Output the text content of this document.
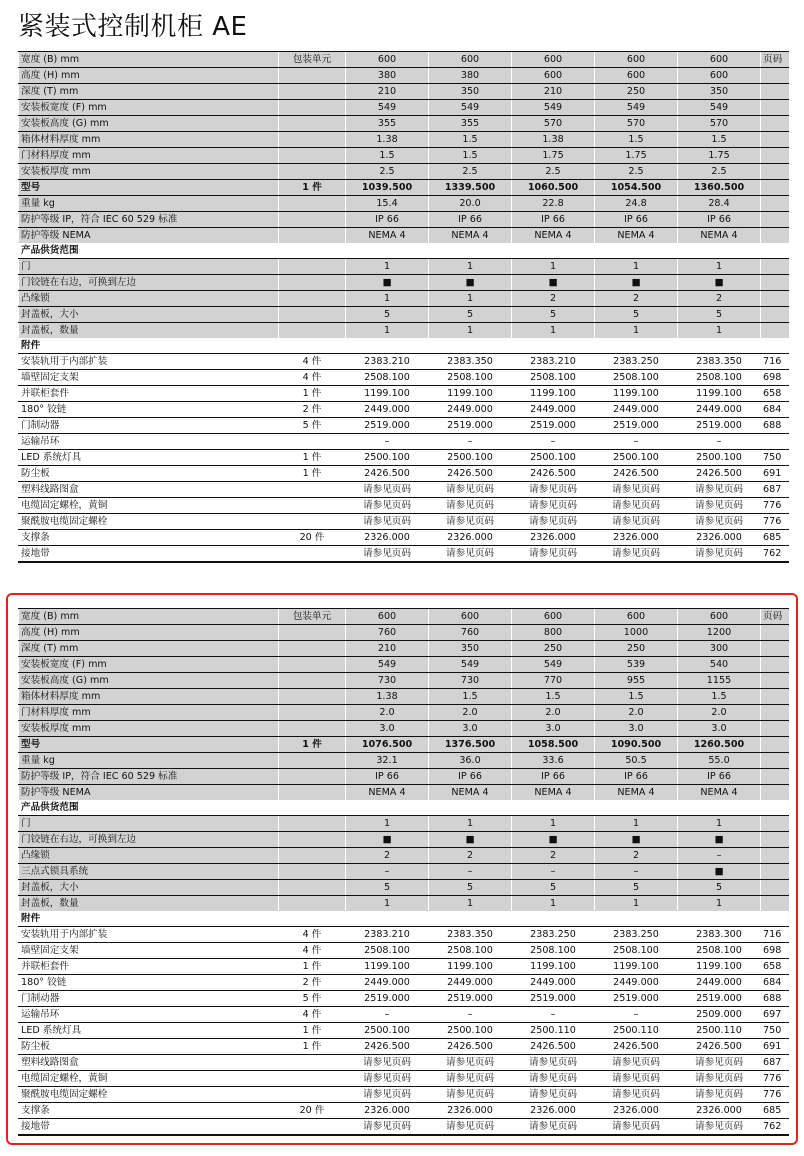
紧装式控制机柜 AE
宽度 (B) mm	包装单元	600	600	600	600	600	页码
高度 (H) mm		380	380	600	600	600	
深度 (T) mm		210	350	210	250	350	
安装板宽度 (F) mm		549	549	549	549	549	
安装板高度 (G) mm		355	355	570	570	570	
箱体材料厚度 mm		1.38	1.5	1.38	1.5	1.5	
门材料厚度 mm		1.5	1.5	1.75	1.75	1.75	
安装板厚度 mm		2.5	2.5	2.5	2.5	2.5	
型号	1 件	1039.500	1339.500	1060.500	1054.500	1360.500	
重量 kg		15.4	20.0	22.8	24.8	28.4	
防护等级 IP，符合 IEC 60 529 标准		IP 66	IP 66	IP 66	IP 66	IP 66	
防护等级 NEMA		NEMA 4	NEMA 4	NEMA 4	NEMA 4	NEMA 4	
产品供货范围							
门		1	1	1	1	1	
门铰链在右边，可换到左边		■	■	■	■	■	
凸缘锁		1	1	2	2	2	
封盖板，大小		5	5	5	5	5	
封盖板，数量		1	1	1	1	1	
附件							
安装轨用于内部扩装	4 件	2383.210	2383.350	2383.210	2383.250	2383.350	716
墙壁固定支架	4 件	2508.100	2508.100	2508.100	2508.100	2508.100	698
并联柜套件	1 件	1199.100	1199.100	1199.100	1199.100	1199.100	658
180° 铰链	2 件	2449.000	2449.000	2449.000	2449.000	2449.000	684
门制动器	5 件	2519.000	2519.000	2519.000	2519.000	2519.000	688
运输吊环		–	–	–	–	–	
LED 系统灯具	1 件	2500.100	2500.100	2500.100	2500.100	2500.100	750
防尘板	1 件	2426.500	2426.500	2426.500	2426.500	2426.500	691
塑料线路图盒		请参见页码	请参见页码	请参见页码	请参见页码	请参见页码	687
电缆固定螺栓，黄铜		请参见页码	请参见页码	请参见页码	请参见页码	请参见页码	776
聚酰胺电缆固定螺栓		请参见页码	请参见页码	请参见页码	请参见页码	请参见页码	776
支撑条	20 件	2326.000	2326.000	2326.000	2326.000	2326.000	685
接地带		请参见页码	请参见页码	请参见页码	请参见页码	请参见页码	762
宽度 (B) mm	包装单元	600	600	600	600	600	页码
高度 (H) mm		760	760	800	1000	1200	
深度 (T) mm		210	350	250	250	300	
安装板宽度 (F) mm		549	549	549	539	540	
安装板高度 (G) mm		730	730	770	955	1155	
箱体材料厚度 mm		1.38	1.5	1.5	1.5	1.5	
门材料厚度 mm		2.0	2.0	2.0	2.0	2.0	
安装板厚度 mm		3.0	3.0	3.0	3.0	3.0	
型号	1 件	1076.500	1376.500	1058.500	1090.500	1260.500	
重量 kg		32.1	36.0	33.6	50.5	55.0	
防护等级 IP，符合 IEC 60 529 标准		IP 66	IP 66	IP 66	IP 66	IP 66	
防护等级 NEMA		NEMA 4	NEMA 4	NEMA 4	NEMA 4	NEMA 4	
产品供货范围							
门		1	1	1	1	1	
门铰链在右边，可换到左边		■	■	■	■	■	
凸缘锁		2	2	2	2	–	
三点式锁具系统		–	–	–	–	■	
封盖板，大小		5	5	5	5	5	
封盖板，数量		1	1	1	1	1	
附件							
安装轨用于内部扩装	4 件	2383.210	2383.350	2383.250	2383.250	2383.300	716
墙壁固定支架	4 件	2508.100	2508.100	2508.100	2508.100	2508.100	698
并联柜套件	1 件	1199.100	1199.100	1199.100	1199.100	1199.100	658
180° 铰链	2 件	2449.000	2449.000	2449.000	2449.000	2449.000	684
门制动器	5 件	2519.000	2519.000	2519.000	2519.000	2519.000	688
运输吊环	4 件	–	–	–	–	2509.000	697
LED 系统灯具	1 件	2500.100	2500.100	2500.110	2500.110	2500.110	750
防尘板	1 件	2426.500	2426.500	2426.500	2426.500	2426.500	691
塑料线路图盒		请参见页码	请参见页码	请参见页码	请参见页码	请参见页码	687
电缆固定螺栓，黄铜		请参见页码	请参见页码	请参见页码	请参见页码	请参见页码	776
聚酰胺电缆固定螺栓		请参见页码	请参见页码	请参见页码	请参见页码	请参见页码	776
支撑条	20 件	2326.000	2326.000	2326.000	2326.000	2326.000	685
接地带		请参见页码	请参见页码	请参见页码	请参见页码	请参见页码	762
